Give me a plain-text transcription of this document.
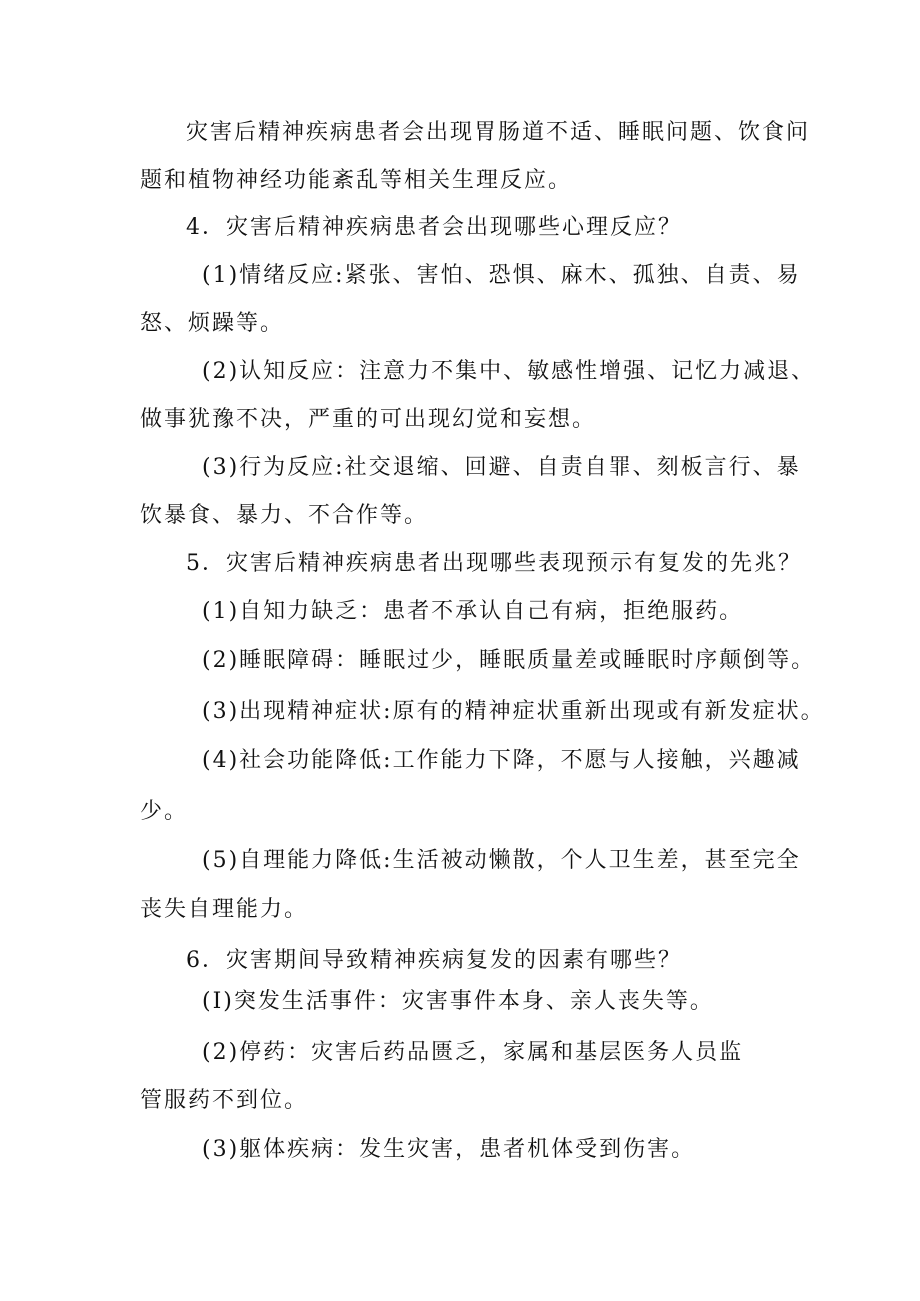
灾害后精神疾病患者会出现胃肠道不适、睡眠问题、饮食问
题和植物神经功能紊乱等相关生理反应。
4．灾害后精神疾病患者会出现哪些心理反应？
(1)情绪反应:紧张、害怕、恐惧、麻木、孤独、自责、易
怒、烦躁等。
(2)认知反应：注意力不集中、敏感性增强、记忆力减退、
做事犹豫不决，严重的可出现幻觉和妄想。
(3)行为反应:社交退缩、回避、自责自罪、刻板言行、暴
饮暴食、暴力、不合作等。
5．灾害后精神疾病患者出现哪些表现预示有复发的先兆？
(1)自知力缺乏：患者不承认自己有病，拒绝服药。
(2)睡眠障碍：睡眠过少，睡眠质量差或睡眠时序颠倒等。
(3)出现精神症状:原有的精神症状重新出现或有新发症状。
(4)社会功能降低:工作能力下降，不愿与人接触，兴趣减
少。
(5)自理能力降低:生活被动懒散，个人卫生差，甚至完全
丧失自理能力。
6．灾害期间导致精神疾病复发的因素有哪些？
(I)突发生活事件：灾害事件本身、亲人丧失等。
(2)停药：灾害后药品匮乏，家属和基层医务人员监
管服药不到位。
(3)躯体疾病：发生灾害，患者机体受到伤害。
